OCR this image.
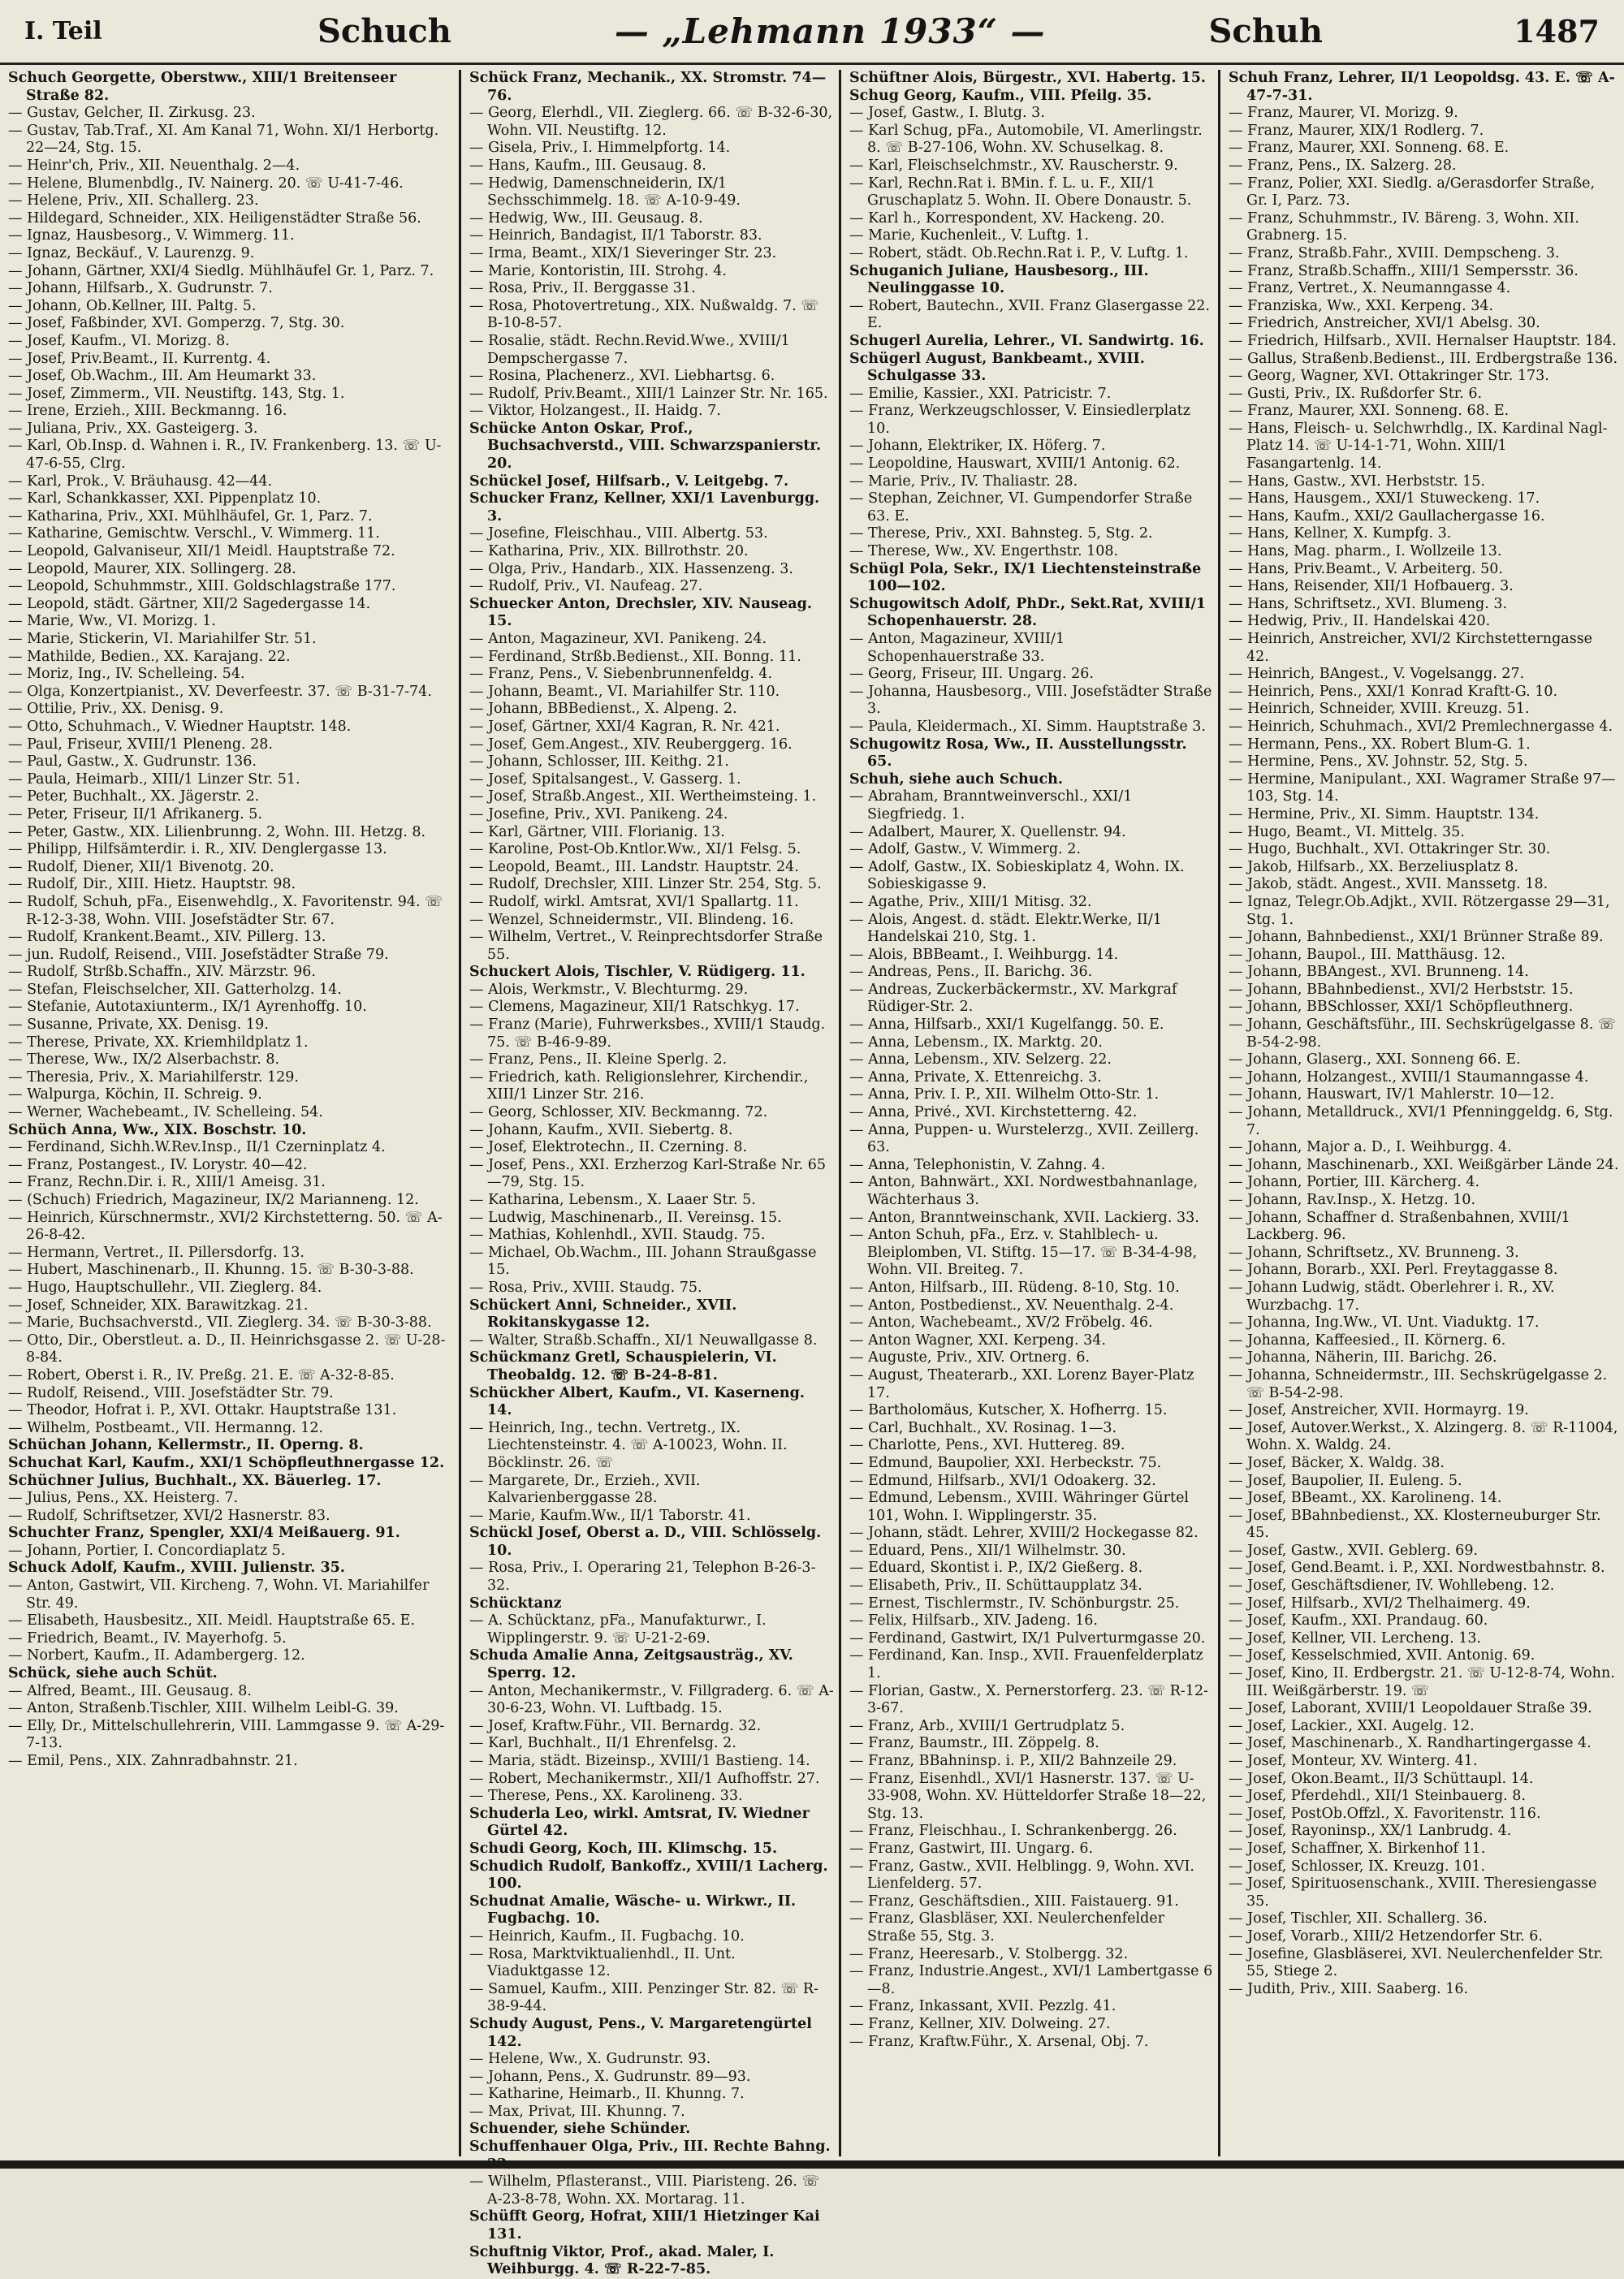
I. Teil	Schuch	— „Lehmann 1933“ —	Schuh	1487
Schuch Georgette, Oberstww., XIII/1 Breitenseer Straße 82.
— Gustav, Gelcher, II. Zirkusg. 23.
— Gustav, Tab.Traf., XI. Am Kanal 71, Wohn. XI/1 Herbortg. 22—24, Stg. 15.
— Heinr'ch, Priv., XII. Neuenthalg. 2—4.
— Helene, Blumenbdlg., IV. Nainerg. 20. ☏ U-41-7-46.
— Helene, Priv., XII. Schallerg. 23.
— Hildegard, Schneider., XIX. Heiligenstädter Straße 56.
— Ignaz, Hausbesorg., V. Wimmerg. 11.
— Ignaz, Beckäuf., V. Laurenzg. 9.
— Johann, Gärtner, XXI/4 Siedlg. Mühlhäufel Gr. 1, Parz. 7.
— Johann, Hilfsarb., X. Gudrunstr. 7.
— Johann, Ob.Kellner, III. Paltg. 5.
— Josef, Faßbinder, XVI. Gomperzg. 7, Stg. 30.
— Josef, Kaufm., VI. Morizg. 8.
— Josef, Priv.Beamt., II. Kurrentg. 4.
— Josef, Ob.Wachm., III. Am Heumarkt 33.
— Josef, Zimmerm., VII. Neustiftg. 143, Stg. 1.
— Irene, Erzieh., XIII. Beckmanng. 16.
— Juliana, Priv., XX. Gasteigerg. 3.
— Karl, Ob.Insp. d. Wahnen i. R., IV. Frankenberg. 13. ☏ U-47-6-55, Clrg.
— Karl, Prok., V. Bräuhausg. 42—44.
— Karl, Schankkasser, XXI. Pippenplatz 10.
— Katharina, Priv., XXI. Mühlhäufel, Gr. 1, Parz. 7.
— Katharine, Gemischtw. Verschl., V. Wimmerg. 11.
— Leopold, Galvaniseur, XII/1 Meidl. Hauptstraße 72.
— Leopold, Maurer, XIX. Sollingerg. 28.
— Leopold, Schuhmmstr., XIII. Goldschlagstraße 177.
— Leopold, städt. Gärtner, XII/2 Sagedergasse 14.
— Marie, Ww., VI. Morizg. 1.
— Marie, Stickerin, VI. Mariahilfer Str. 51.
— Mathilde, Bedien., XX. Karajang. 22.
— Moriz, Ing., IV. Schelleing. 54.
— Olga, Konzertpianist., XV. Deverfeestr. 37. ☏ B-31-7-74.
— Ottilie, Priv., XX. Denisg. 9.
— Otto, Schuhmach., V. Wiedner Hauptstr. 148.
— Paul, Friseur, XVIII/1 Pleneng. 28.
— Paul, Gastw., X. Gudrunstr. 136.
— Paula, Heimarb., XIII/1 Linzer Str. 51.
— Peter, Buchhalt., XX. Jägerstr. 2.
— Peter, Friseur, II/1 Afrikanerg. 5.
— Peter, Gastw., XIX. Lilienbrunng. 2, Wohn. III. Hetzg. 8.
— Philipp, Hilfsämterdir. i. R., XIV. Denglergasse 13.
— Rudolf, Diener, XII/1 Bivenotg. 20.
— Rudolf, Dir., XIII. Hietz. Hauptstr. 98.
— Rudolf, Schuh, pFa., Eisenwehdlg., X. Favoritenstr. 94. ☏ R-12-3-38, Wohn. VIII. Josefstädter Str. 67.
— Rudolf, Krankent.Beamt., XIV. Pillerg. 13.
— jun. Rudolf, Reisend., VIII. Josefstädter Straße 79.
— Rudolf, Strßb.Schaffn., XIV. Märzstr. 96.
— Stefan, Fleischselcher, XII. Gatterholzg. 14.
— Stefanie, Autotaxiunterm., IX/1 Ayrenhoffg. 10.
— Susanne, Private, XX. Denisg. 19.
— Therese, Private, XX. Kriemhildplatz 1.
— Therese, Ww., IX/2 Alserbachstr. 8.
— Theresia, Priv., X. Mariahilferstr. 129.
— Walpurga, Köchin, II. Schreig. 9.
— Werner, Wachebeamt., IV. Schelleing. 54.
Schüch Anna, Ww., XIX. Boschstr. 10.
— Ferdinand, Sichh.W.Rev.Insp., II/1 Czerninplatz 4.
— Franz, Postangest., IV. Lorystr. 40—42.
— Franz, Rechn.Dir. i. R., XIII/1 Ameisg. 31.
— (Schuch) Friedrich, Magazineur, IX/2 Marianneng. 12.
— Heinrich, Kürschnermstr., XVI/2 Kirchstetterng. 50. ☏ A-26-8-42.
— Hermann, Vertret., II. Pillersdorfg. 13.
— Hubert, Maschinenarb., II. Khunng. 15. ☏ B-30-3-88.
— Hugo, Hauptschullehr., VII. Zieglerg. 84.
— Josef, Schneider, XIX. Barawitzkag. 21.
— Marie, Buchsachverstd., VII. Zieglerg. 34. ☏ B-30-3-88.
— Otto, Dir., Oberstleut. a. D., II. Heinrichsgasse 2. ☏ U-28-8-84.
— Robert, Oberst i. R., IV. Preßg. 21. E. ☏ A-32-8-85.
— Rudolf, Reisend., VIII. Josefstädter Str. 79.
— Theodor, Hofrat i. P., XVI. Ottakr. Hauptstraße 131.
— Wilhelm, Postbeamt., VII. Hermanng. 12.
Schüchan Johann, Kellermstr., II. Operng. 8.
Schuchat Karl, Kaufm., XXI/1 Schöpfleuthnergasse 12.
Schüchner Julius, Buchhalt., XX. Bäuerleg. 17.
— Julius, Pens., XX. Heisterg. 7.
— Rudolf, Schriftsetzer, XVI/2 Hasnerstr. 83.
Schuchter Franz, Spengler, XXI/4 Meißauerg. 91.
— Johann, Portier, I. Concordiaplatz 5.
Schuck Adolf, Kaufm., XVIII. Julienstr. 35.
— Anton, Gastwirt, VII. Kircheng. 7, Wohn. VI. Mariahilfer Str. 49.
— Elisabeth, Hausbesitz., XII. Meidl. Hauptstraße 65. E.
— Friedrich, Beamt., IV. Mayerhofg. 5.
— Norbert, Kaufm., II. Adambergerg. 12.
Schück, siehe auch Schüt.
— Alfred, Beamt., III. Geusaug. 8.
— Anton, Straßenb.Tischler, XIII. Wilhelm Leibl-G. 39.
— Elly, Dr., Mittelschullehrerin, VIII. Lammgasse 9. ☏ A-29-7-13.
— Emil, Pens., XIX. Zahnradbahnstr. 21.
Schück Franz, Mechanik., XX. Stromstr. 74—76.
— Georg, Elerhdl., VII. Zieglerg. 66. ☏ B-32-6-30, Wohn. VII. Neustiftg. 12.
— Gisela, Priv., I. Himmelpfortg. 14.
— Hans, Kaufm., III. Geusaug. 8.
— Hedwig, Damenschneiderin, IX/1 Sechsschimmelg. 18. ☏ A-10-9-49.
— Hedwig, Ww., III. Geusaug. 8.
— Heinrich, Bandagist, II/1 Taborstr. 83.
— Irma, Beamt., XIX/1 Sieveringer Str. 23.
— Marie, Kontoristin, III. Strohg. 4.
— Rosa, Priv., II. Berggasse 31.
— Rosa, Photovertretung., XIX. Nußwaldg. 7. ☏ B-10-8-57.
— Rosalie, städt. Rechn.Revid.Wwe., XVIII/1 Dempschergasse 7.
— Rosina, Plachenerz., XVI. Liebhartsg. 6.
— Rudolf, Priv.Beamt., XIII/1 Lainzer Str. Nr. 165.
— Viktor, Holzangest., II. Haidg. 7.
Schücke Anton Oskar, Prof., Buchsachverstd., VIII. Schwarzspanierstr. 20.
Schückel Josef, Hilfsarb., V. Leitgebg. 7.
Schucker Franz, Kellner, XXI/1 Lavenburgg. 3.
— Josefine, Fleischhau., VIII. Albertg. 53.
— Katharina, Priv., XIX. Billrothstr. 20.
— Olga, Priv., Handarb., XIX. Hassenzeng. 3.
— Rudolf, Priv., VI. Naufeag. 27.
Schuecker Anton, Drechsler, XIV. Nauseag. 15.
— Anton, Magazineur, XVI. Panikeng. 24.
— Ferdinand, Strßb.Bedienst., XII. Bonng. 11.
— Franz, Pens., V. Siebenbrunnenfeldg. 4.
— Johann, Beamt., VI. Mariahilfer Str. 110.
— Johann, BBBedienst., X. Alpeng. 2.
— Josef, Gärtner, XXI/4 Kagran, R. Nr. 421.
— Josef, Gem.Angest., XIV. Reuberggerg. 16.
— Johann, Schlosser, III. Keithg. 21.
— Josef, Spitalsangest., V. Gasserg. 1.
— Josef, Straßb.Angest., XII. Wertheimsteing. 1.
— Josefine, Priv., XVI. Panikeng. 24.
— Karl, Gärtner, VIII. Florianig. 13.
— Karoline, Post-Ob.Kntlor.Ww., XI/1 Felsg. 5.
— Leopold, Beamt., III. Landstr. Hauptstr. 24.
— Rudolf, Drechsler, XIII. Linzer Str. 254, Stg. 5.
— Rudolf, wirkl. Amtsrat, XVI/1 Spallartg. 11.
— Wenzel, Schneidermstr., VII. Blindeng. 16.
— Wilhelm, Vertret., V. Reinprechtsdorfer Straße 55.
Schuckert Alois, Tischler, V. Rüdigerg. 11.
— Alois, Werkmstr., V. Blechturmg. 29.
— Clemens, Magazineur, XII/1 Ratschkyg. 17.
— Franz (Marie), Fuhrwerksbes., XVIII/1 Staudg. 75. ☏ B-46-9-89.
— Franz, Pens., II. Kleine Sperlg. 2.
— Friedrich, kath. Religionslehrer, Kirchendir., XIII/1 Linzer Str. 216.
— Georg, Schlosser, XIV. Beckmanng. 72.
— Johann, Kaufm., XVII. Siebertg. 8.
— Josef, Elektrotechn., II. Czerning. 8.
— Josef, Pens., XXI. Erzherzog Karl-Straße Nr. 65—79, Stg. 15.
— Katharina, Lebensm., X. Laaer Str. 5.
— Ludwig, Maschinenarb., II. Vereinsg. 15.
— Mathias, Kohlenhdl., XVII. Staudg. 75.
— Michael, Ob.Wachm., III. Johann Straußgasse 15.
— Rosa, Priv., XVIII. Staudg. 75.
Schückert Anni, Schneider., XVII. Rokitanskygasse 12.
— Walter, Straßb.Schaffn., XI/1 Neuwallgasse 8.
Schückmanz Gretl, Schauspielerin, VI. Theobaldg. 12. ☏ B-24-8-81.
Schückher Albert, Kaufm., VI. Kaserneng. 14.
— Heinrich, Ing., techn. Vertretg., IX. Liechtensteinstr. 4. ☏ A-10023, Wohn. II. Böcklinstr. 26. ☏
— Margarete, Dr., Erzieh., XVII. Kalvarienberggasse 28.
— Marie, Kaufm.Ww., II/1 Taborstr. 41.
Schückl Josef, Oberst a. D., VIII. Schlösselg. 10.
— Rosa, Priv., I. Operaring 21, Telephon B-26-3-32.
Schücktanz
— A. Schücktanz, pFa., Manufakturwr., I. Wipplingerstr. 9. ☏ U-21-2-69.
Schuda Amalie Anna, Zeitgsausträg., XV. Sperrg. 12.
— Anton, Mechanikermstr., V. Fillgraderg. 6. ☏ A-30-6-23, Wohn. VI. Luftbadg. 15.
— Josef, Kraftw.Führ., VII. Bernardg. 32.
— Karl, Buchhalt., II/1 Ehrenfelsg. 2.
— Maria, städt. Bizeinsp., XVIII/1 Bastieng. 14.
— Robert, Mechanikermstr., XII/1 Aufhoffstr. 27.
— Therese, Pens., XX. Karolineng. 33.
Schuderla Leo, wirkl. Amtsrat, IV. Wiedner Gürtel 42.
Schudi Georg, Koch, III. Klimschg. 15.
Schudich Rudolf, Bankoffz., XVIII/1 Lacherg. 100.
Schudnat Amalie, Wäsche- u. Wirkwr., II. Fugbachg. 10.
— Heinrich, Kaufm., II. Fugbachg. 10.
— Rosa, Marktviktualienhdl., II. Unt. Viaduktgasse 12.
— Samuel, Kaufm., XIII. Penzinger Str. 82. ☏ R-38-9-44.
Schudy August, Pens., V. Margaretengürtel 142.
— Helene, Ww., X. Gudrunstr. 93.
— Johann, Pens., X. Gudrunstr. 89—93.
— Katharine, Heimarb., II. Khunng. 7.
— Max, Privat, III. Khunng. 7.
Schuender, siehe Schünder.
Schuffenhauer Olga, Priv., III. Rechte Bahng.
— Wilhelm, Pflasteranst., VIII. Piaristeng. 26. ☏ A-23-8-78, Wohn. XX. Mortarag. 11.
Schüfft Georg, Hofrat, XIII/1 Hietzinger Kai 131.
Schuftnig Viktor, Prof., akad. Maler, I. Weihburgg. 4. ☏ R-22-7-85.
Schüftner Alois, Bürgestr., XVI. Habertg. 15.
Schug Georg, Kaufm., VIII. Pfeilg. 35.
— Josef, Gastw., I. Blutg. 3.
— Karl Schug, pFa., Automobile, VI. Amerlingstr. 8. ☏ B-27-106, Wohn. XV. Schuselkag. 8.
— Karl, Fleischselchmstr., XV. Rauscherstr. 9.
— Karl, Rechn.Rat i. BMin. f. L. u. F., XII/1 Gruschaplatz 5. Wohn. II. Obere Donaustr. 5.
— Karl h., Korrespondent, XV. Hackeng. 20.
— Marie, Kuchenleit., V. Luftg. 1.
— Robert, städt. Ob.Rechn.Rat i. P., V. Luftg. 1.
Schuganich Juliane, Hausbesorg., III. Neulinggasse 10.
— Robert, Bautechn., XVII. Franz Glasergasse 22. E.
Schugerl Aurelia, Lehrer., VI. Sandwirtg. 16.
Schügerl August, Bankbeamt., XVIII. Schulgasse 33.
— Emilie, Kassier., XXI. Patricistr. 7.
— Franz, Werkzeugschlosser, V. Einsiedlerplatz 10.
— Johann, Elektriker, IX. Höferg. 7.
— Leopoldine, Hauswart, XVIII/1 Antonig. 62.
— Marie, Priv., IV. Thaliastr. 28.
— Stephan, Zeichner, VI. Gumpendorfer Straße 63. E.
— Therese, Priv., XXI. Bahnsteg. 5, Stg. 2.
— Therese, Ww., XV. Engerthstr. 108.
Schügl Pola, Sekr., IX/1 Liechtensteinstraße 100—102.
Schugowitsch Adolf, PhDr., Sekt.Rat, XVIII/1 Schopenhauerstr. 28.
— Anton, Magazineur, XVIII/1 Schopenhauerstraße 33.
— Georg, Friseur, III. Ungarg. 26.
— Johanna, Hausbesorg., VIII. Josefstädter Straße 3.
— Paula, Kleidermach., XI. Simm. Hauptstraße 3.
Schugowitz Rosa, Ww., II. Ausstellungsstr. 65.
Schuh, siehe auch Schuch.
— Abraham, Branntweinverschl., XXI/1 Siegfriedg. 1.
— Adalbert, Maurer, X. Quellenstr. 94.
— Adolf, Gastw., V. Wimmerg. 2.
— Adolf, Gastw., IX. Sobieskiplatz 4, Wohn. IX. Sobieskigasse 9.
— Agathe, Priv., XIII/1 Mitisg. 32.
— Alois, Angest. d. städt. Elektr.Werke, II/1 Handelskai 210, Stg. 1.
— Alois, BBBeamt., I. Weihburgg. 14.
— Andreas, Pens., II. Barichg. 36.
— Andreas, Zuckerbäckermstr., XV. Markgraf Rüdiger-Str. 2.
— Anna, Hilfsarb., XXI/1 Kugelfangg. 50. E.
— Anna, Lebensm., IX. Marktg. 20.
— Anna, Lebensm., XIV. Selzerg. 22.
— Anna, Private, X. Ettenreichg. 3.
— Anna, Priv. I. P., XII. Wilhelm Otto-Str. 1.
— Anna, Privé., XVI. Kirchstetterng. 42.
— Anna, Puppen- u. Wurstelerzg., XVII. Zeillerg. 63.
— Anna, Telephonistin, V. Zahng. 4.
— Anton, Bahnwärt., XXI. Nordwestbahnanlage, Wächterhaus 3.
— Anton, Branntweinschank, XVII. Lackierg. 33.
— Anton Schuh, pFa., Erz. v. Stahlblech- u. Bleiplomben, VI. Stiftg. 15—17. ☏ B-34-4-98, Wohn. VII. Breiteg. 7.
— Anton, Hilfsarb., III. Rüdeng. 8-10, Stg. 10.
— Anton, Postbedienst., XV. Neuenthalg. 2-4.
— Anton, Wachebeamt., XV/2 Fröbelg. 46.
— Anton Wagner, XXI. Kerpeng. 34.
— Auguste, Priv., XIV. Ortnerg. 6.
— August, Theaterarb., XXI. Lorenz Bayer-Platz 17.
— Bartholomäus, Kutscher, X. Hofherrg. 15.
— Carl, Buchhalt., XV. Rosinag. 1—3.
— Charlotte, Pens., XVI. Huttereg. 89.
— Edmund, Baupolier, XXI. Herbeckstr. 75.
— Edmund, Hilfsarb., XVI/1 Odoakerg. 32.
— Edmund, Lebensm., XVIII. Währinger Gürtel 101, Wohn. I. Wipplingerstr. 35.
— Johann, städt. Lehrer, XVIII/2 Hockegasse 82.
— Eduard, Pens., XII/1 Wilhelmstr. 30.
— Eduard, Skontist i. P., IX/2 Gießerg. 8.
— Elisabeth, Priv., II. Schüttaupplatz 34.
— Ernest, Tischlermstr., IV. Schönburgstr. 25.
— Felix, Hilfsarb., XIV. Jadeng. 16.
— Ferdinand, Gastwirt, IX/1 Pulverturmgasse 20.
— Ferdinand, Kan. Insp., XVII. Frauenfelderplatz 1.
— Florian, Gastw., X. Pernerstorferg. 23. ☏ R-12-3-67.
— Franz, Arb., XVIII/1 Gertrudplatz 5.
— Franz, Baumstr., III. Zöppelg. 8.
— Franz, BBahninsp. i. P., XII/2 Bahnzeile 29.
— Franz, Eisenhdl., XVI/1 Hasnerstr. 137. ☏ U-33-908, Wohn. XV. Hütteldorfer Straße 18—22, Stg. 13.
— Franz, Fleischhau., I. Schrankenbergg. 26.
— Franz, Gastwirt, III. Ungarg. 6.
— Franz, Gastw., XVII. Helblingg. 9, Wohn. XVI. Lienfelderg. 57.
— Franz, Geschäftsdien., XIII. Faistauerg. 91.
— Franz, Glasbläser, XXI. Neulerchenfelder Straße 55, Stg. 3.
— Franz, Heeresarb., V. Stolbergg. 32.
— Franz, Industrie.Angest., XVI/1 Lambertgasse 6—8.
— Franz, Inkassant, XVII. Pezzlg. 41.
— Franz, Kellner, XIV. Dolweing. 27.
— Franz, Kraftw.Führ., X. Arsenal, Obj. 7.
Schuh Franz, Lehrer, II/1 Leopoldsg. 43. E. ☏ A-47-7-31.
— Franz, Maurer, VI. Morizg. 9.
— Franz, Maurer, XIX/1 Rodlerg. 7.
— Franz, Maurer, XXI. Sonneng. 68. E.
— Franz, Pens., IX. Salzerg. 28.
— Franz, Polier, XXI. Siedlg. a/Gerasdorfer Straße, Gr. I, Parz. 73.
— Franz, Schuhmmstr., IV. Bäreng. 3, Wohn. XII. Grabnerg. 15.
— Franz, Straßb.Fahr., XVIII. Dempscheng. 3.
— Franz, Straßb.Schaffn., XIII/1 Sempersstr. 36.
— Franz, Vertret., X. Neumanngasse 4.
— Franziska, Ww., XXI. Kerpeng. 34.
— Friedrich, Anstreicher, XVI/1 Abelsg. 30.
— Friedrich, Hilfsarb., XVII. Hernalser Hauptstr. 184.
— Gallus, Straßenb.Bedienst., III. Erdbergstraße 136.
— Georg, Wagner, XVI. Ottakringer Str. 173.
— Gusti, Priv., IX. Rußdorfer Str. 6.
— Franz, Maurer, XXI. Sonneng. 68. E.
— Hans, Fleisch- u. Selchwrhdlg., IX. Kardinal Nagl-Platz 14. ☏ U-14-1-71, Wohn. XIII/1 Fasangartenlg. 14.
— Hans, Gastw., XVI. Herbststr. 15.
— Hans, Hausgem., XXI/1 Stuweckeng. 17.
— Hans, Kaufm., XXI/2 Gaullachergasse 16.
— Hans, Kellner, X. Kumpfg. 3.
— Hans, Mag. pharm., I. Wollzeile 13.
— Hans, Priv.Beamt., V. Arbeiterg. 50.
— Hans, Reisender, XII/1 Hofbauerg. 3.
— Hans, Schriftsetz., XVI. Blumeng. 3.
— Hedwig, Priv., II. Handelskai 420.
— Heinrich, Anstreicher, XVI/2 Kirchstetterngasse 42.
— Heinrich, BAngest., V. Vogelsangg. 27.
— Heinrich, Pens., XXI/1 Konrad Kraftt-G. 10.
— Heinrich, Schneider, XVIII. Kreuzg. 51.
— Heinrich, Schuhmach., XVI/2 Premlechnergasse 4.
— Hermann, Pens., XX. Robert Blum-G. 1.
— Hermine, Pens., XV. Johnstr. 52, Stg. 5.
— Hermine, Manipulant., XXI. Wagramer Straße 97—103, Stg. 14.
— Hermine, Priv., XI. Simm. Hauptstr. 134.
— Hugo, Beamt., VI. Mittelg. 35.
— Hugo, Buchhalt., XVI. Ottakringer Str. 30.
— Jakob, Hilfsarb., XX. Berzeliusplatz 8.
— Jakob, städt. Angest., XVII. Manssetg. 18.
— Ignaz, Telegr.Ob.Adjkt., XVII. Rötzergasse 29—31, Stg. 1.
— Johann, Bahnbedienst., XXI/1 Brünner Straße 89.
— Johann, Baupol., III. Matthäusg. 12.
— Johann, BBAngest., XVI. Brunneng. 14.
— Johann, BBahnbedienst., XVI/2 Herbststr. 15.
— Johann, BBSchlosser, XXI/1 Schöpfleuthnerg.
— Johann, Geschäftsführ., III. Sechskrügelgasse 8. ☏ B-54-2-98.
— Johann, Glaserg., XXI. Sonneng 66. E.
— Johann, Holzangest., XVIII/1 Staumanngasse 4.
— Johann, Hauswart, IV/1 Mahlerstr. 10—12.
— Johann, Metalldruck., XVI/1 Pfenninggeldg. 6, Stg. 7.
— Johann, Major a. D., I. Weihburgg. 4.
— Johann, Maschinenarb., XXI. Weißgärber Lände 24.
— Johann, Portier, III. Kärcherg. 4.
— Johann, Rav.Insp., X. Hetzg. 10.
— Johann, Schaffner d. Straßenbahnen, XVIII/1 Lackberg. 96.
— Johann, Schriftsetz., XV. Brunneng. 3.
— Johann, Borarb., XXI. Perl. Freytaggasse 8.
— Johann Ludwig, städt. Oberlehrer i. R., XV. Wurzbachg. 17.
— Johanna, Ing.Ww., VI. Unt. Viaduktg. 17.
— Johanna, Kaffeesied., II. Körnerg. 6.
— Johanna, Näherin, III. Barichg. 26.
— Johanna, Schneidermstr., III. Sechskrügelgasse 2. ☏ B-54-2-98.
— Josef, Anstreicher, XVII. Hormayrg. 19.
— Josef, Autover.Werkst., X. Alzingerg. 8. ☏ R-11004, Wohn. X. Waldg. 24.
— Josef, Bäcker, X. Waldg. 38.
— Josef, Baupolier, II. Euleng. 5.
— Josef, BBeamt., XX. Karolineng. 14.
— Josef, BBahnbedienst., XX. Klosterneuburger Str. 45.
— Josef, Gastw., XVII. Geblerg. 69.
— Josef, Gend.Beamt. i. P., XXI. Nordwestbahnstr. 8.
— Josef, Geschäftsdiener, IV. Wohllebeng. 12.
— Josef, Hilfsarb., XVI/2 Thelhaimerg. 49.
— Josef, Kaufm., XXI. Prandaug. 60.
— Josef, Kellner, VII. Lercheng. 13.
— Josef, Kesselschmied, XVII. Antonig. 69.
— Josef, Kino, II. Erdbergstr. 21. ☏ U-12-8-74, Wohn. III. Weißgärberstr. 19. ☏
— Josef, Laborant, XVIII/1 Leopoldauer Straße 39.
— Josef, Lackier., XXI. Augelg. 12.
— Josef, Maschinenarb., X. Randhartingergasse 4.
— Josef, Monteur, XV. Winterg. 41.
— Josef, Okon.Beamt., II/3 Schüttaupl. 14.
— Josef, Pferdehdl., XII/1 Steinbauerg. 8.
— Josef, PostOb.Offzl., X. Favoritenstr. 116.
— Josef, Rayoninsp., XX/1 Lanbrudg. 4.
— Josef, Schaffner, X. Birkenhof 11.
— Josef, Schlosser, IX. Kreuzg. 101.
— Josef, Spirituosenschank., XVIII. Theresiengasse 35.
— Josef, Tischler, XII. Schallerg. 36.
— Josef, Vorarb., XIII/2 Hetzendorfer Str. 6.
— Josefine, Glasbläserei, XVI. Neulerchenfelder Str. 55, Stiege 2.
— Judith, Priv., XIII. Saaberg. 16.
